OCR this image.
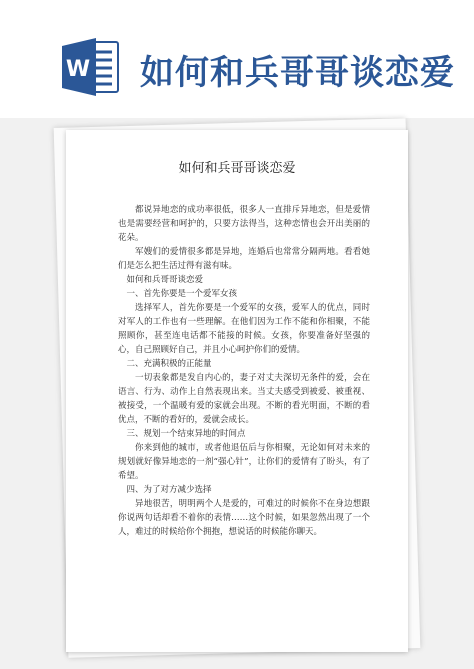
W 如何和兵哥哥谈恋爱
如何和兵哥哥谈恋爱

都说异地恋的成功率很低，很多人一直排斥异地恋，但是爱情也是需要经营和呵护的，只要方法得当，这种恋情也会开出美丽的花朵。

军嫂们的爱情很多都是异地，连婚后也常常分隔两地。看看她们是怎么把生活过得有滋有味。

如何和兵哥哥谈恋爱

一、首先你要是一个爱军女孩

选择军人，首先你要是一个爱军的女孩，爱军人的优点，同时对军人的工作也有一些理解。在他们因为工作不能和你相聚，不能照顾你，甚至连电话都不能接的时候。女孩，你要准备好坚强的心，自己照顾好自己，并且小心呵护你们的爱情。

二、充满积极的正能量

一切表象都是发自内心的，妻子对丈夫深切无条件的爱，会在语言、行为、动作上自然表现出来。当丈夫感受到被爱、被重视、被接受，一个温暖有爱的家就会出现。不断的看光明面，不断的看优点，不断的看好的，爱就会成长。

三、规划一个结束异地的时间点

你来到他的城市，或者他退伍后与你相聚，无论如何对未来的规划就好像异地恋的一剂“强心针”，让你们的爱情有了盼头，有了希望。

四、为了对方减少选择

异地很苦，明明两个人是爱的，可难过的时候你不在身边想跟你说两句话却看不着你的表情……这个时候，如果忽然出现了一个人，难过的时候给你个拥抱，想说话的时候能你聊天。
